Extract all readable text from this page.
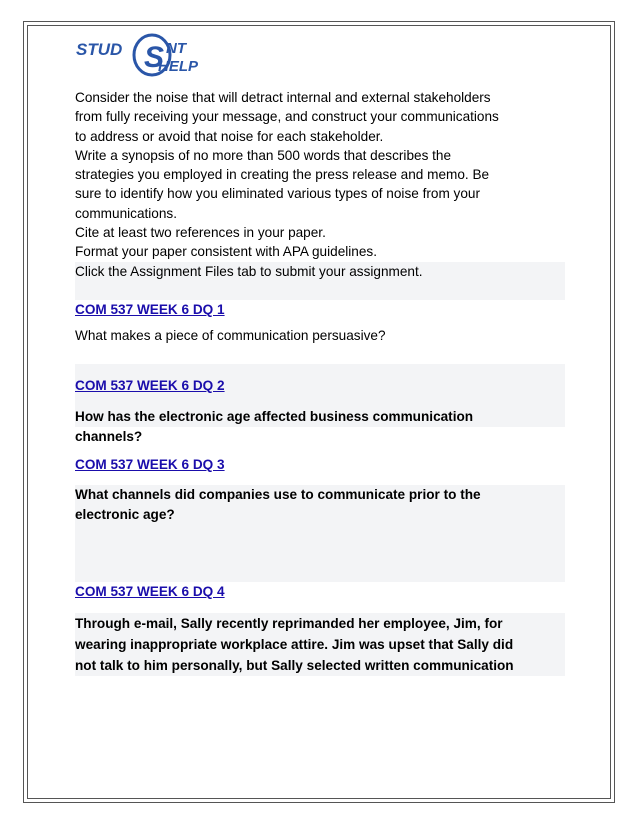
STUD S NT
HELP
Consider the noise that will detract internal and external stakeholders
from fully receiving your message, and construct your communications
to address or avoid that noise for each stakeholder.
Write a synopsis of no more than 500 words that describes the
strategies you employed in creating the press release and memo. Be
sure to identify how you eliminated various types of noise from your
communications.
Cite at least two references in your paper.
Format your paper consistent with APA guidelines.
Click the Assignment Files tab to submit your assignment.
COM 537 WEEK 6 DQ 1
What makes a piece of communication persuasive?
COM 537 WEEK 6 DQ 2
How has the electronic age affected business communication
channels?
COM 537 WEEK 6 DQ 3
What channels did companies use to communicate prior to the
electronic age?
COM 537 WEEK 6 DQ 4
Through e-mail, Sally recently reprimanded her employee, Jim, for
wearing inappropriate workplace attire. Jim was upset that Sally did
not talk to him personally, but Sally selected written communication
